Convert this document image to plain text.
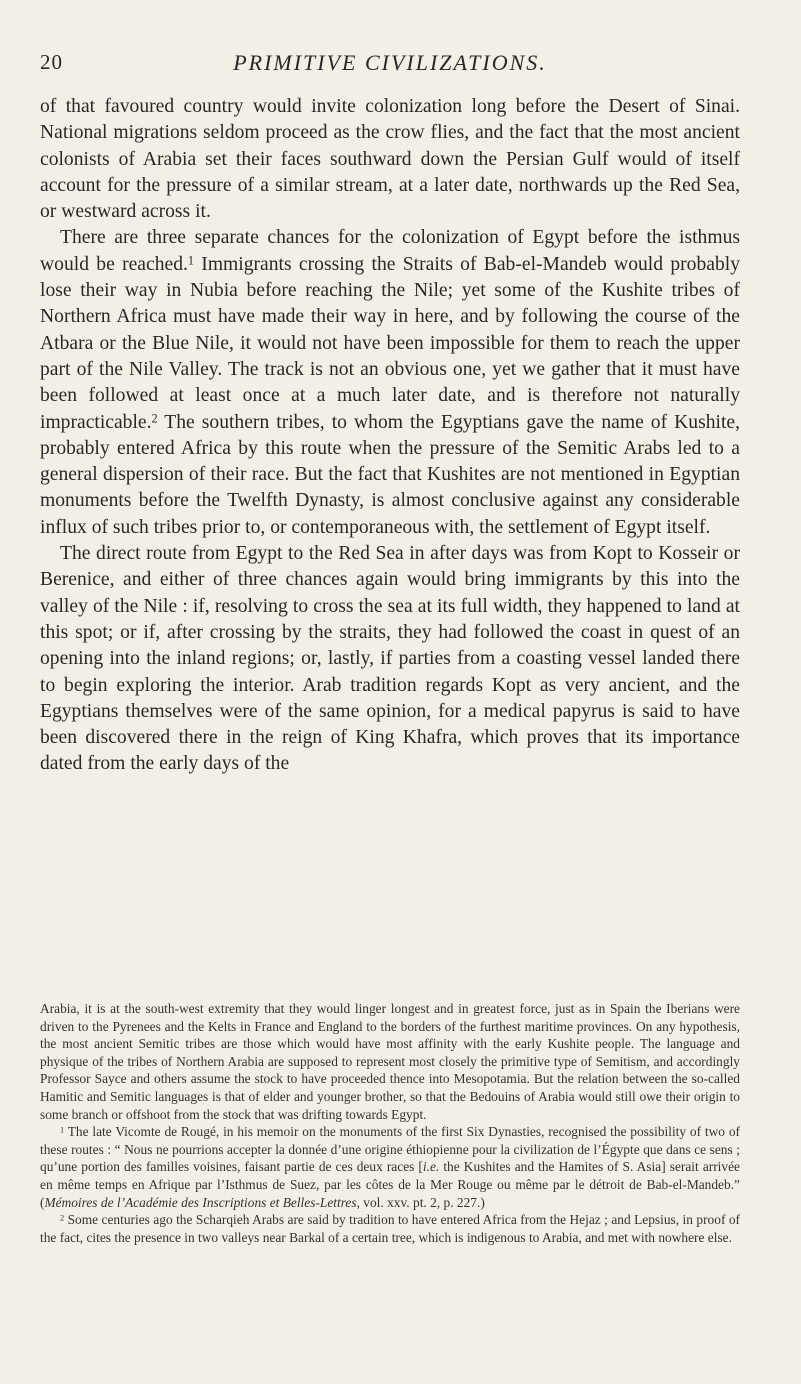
20	PRIMITIVE CIVILIZATIONS.

of that favoured country would invite colonization long before the Desert of Sinai. National migrations seldom proceed as the crow flies, and the fact that the most ancient colonists of Arabia set their faces southward down the Persian Gulf would of itself account for the pressure of a similar stream, at a later date, northwards up the Red Sea, or westward across it.

There are three separate chances for the colonization of Egypt before the isthmus would be reached.$^1$ Immigrants crossing the Straits of Bab-el-Mandeb would probably lose their way in Nubia before reaching the Nile; yet some of the Kushite tribes of Northern Africa must have made their way in here, and by following the course of the Atbara or the Blue Nile, it would not have been impossible for them to reach the upper part of the Nile Valley. The track is not an obvious one, yet we gather that it must have been followed at least once at a much later date, and is therefore not naturally impracticable.$^2$ The southern tribes, to whom the Egyptians gave the name of Kushite, probably entered Africa by this route when the pressure of the Semitic Arabs led to a general dispersion of their race. But the fact that Kushites are not mentioned in Egyptian monuments before the Twelfth Dynasty, is almost conclusive against any considerable influx of such tribes prior to, or contemporaneous with, the settlement of Egypt itself.

The direct route from Egypt to the Red Sea in after days was from Kopt to Kosseir or Berenice, and either of three chances again would bring immigrants by this into the valley of the Nile : if, resolving to cross the sea at its full width, they happened to land at this spot; or if, after crossing by the straits, they had followed the coast in quest of an opening into the inland regions; or, lastly, if parties from a coasting vessel landed there to begin exploring the interior. Arab tradition regards Kopt as very ancient, and the Egyptians themselves were of the same opinion, for a medical papyrus is said to have been discovered there in the reign of King Khafra, which proves that its importance dated from the early days of the

Arabia, it is at the south-west extremity that they would linger longest and in greatest force, just as in Spain the Iberians were driven to the Pyrenees and the Kelts in France and England to the borders of the furthest maritime provinces. On any hypothesis, the most ancient Semitic tribes are those which would have most affinity with the early Kushite people. The language and physique of the tribes of Northern Arabia are supposed to represent most closely the primitive type of Semitism, and accordingly Professor Sayce and others assume the stock to have proceeded thence into Mesopotamia. But the relation between the so-called Hamitic and Semitic languages is that of elder and younger brother, so that the Bedouins of Arabia would still owe their origin to some branch or offshoot from the stock that was drifting towards Egypt.

$^1$ The late Vicomte de Rougé, in his memoir on the monuments of the first Six Dynasties, recognised the possibility of two of these routes : “ Nous ne pourrions accepter la donnée d’une origine éthiopienne pour la civilization de l’Égypte que dans ce sens ; qu’une portion des familles voisines, faisant partie de ces deux races [i.e. the Kushites and the Hamites of S. Asia] serait arrivée en même temps en Afrique par l’Isthmus de Suez, par les côtes de la Mer Rouge ou même par le détroit de Bab-el-Mandeb.” (Mémoires de l’Académie des Inscriptions et Belles-Lettres, vol. xxv. pt. 2, p. 227.)

$^2$ Some centuries ago the Scharqieh Arabs are said by tradition to have entered Africa from the Hejaz ; and Lepsius, in proof of the fact, cites the presence in two valleys near Barkal of a certain tree, which is indigenous to Arabia, and met with nowhere else.
